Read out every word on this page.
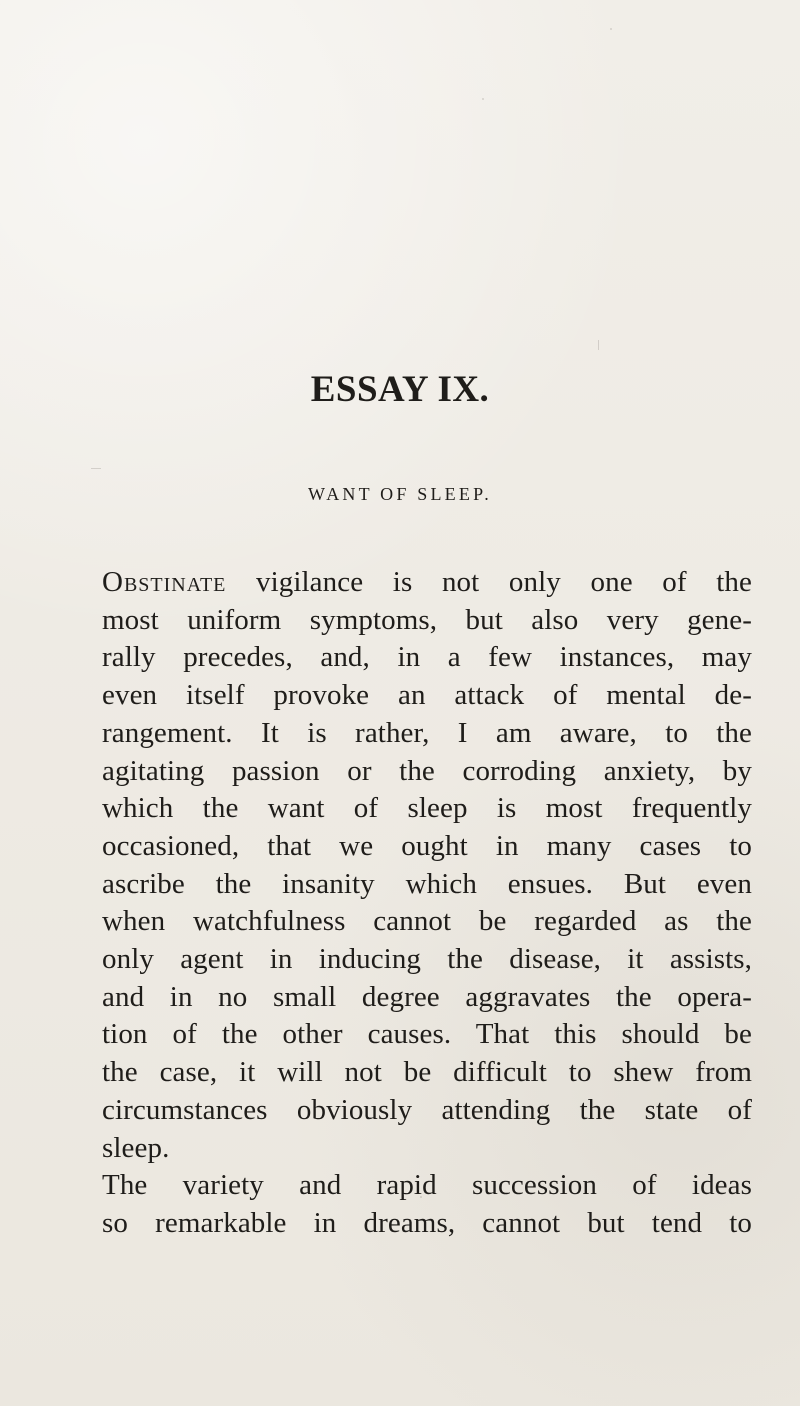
ESSAY IX.
WANT OF SLEEP.
Obstinate vigilance is not only one of the
most uniform symptoms, but also very gene-
rally precedes, and, in a few instances, may
even itself provoke an attack of mental de-
rangement. It is rather, I am aware, to the
agitating passion or the corroding anxiety, by
which the want of sleep is most frequently
occasioned, that we ought in many cases to
ascribe the insanity which ensues. But even
when watchfulness cannot be regarded as the
only agent in inducing the disease, it assists,
and in no small degree aggravates the opera-
tion of the other causes. That this should be
the case, it will not be difficult to shew from
circumstances obviously attending the state of
sleep.
The variety and rapid succession of ideas
so remarkable in dreams, cannot but tend to
